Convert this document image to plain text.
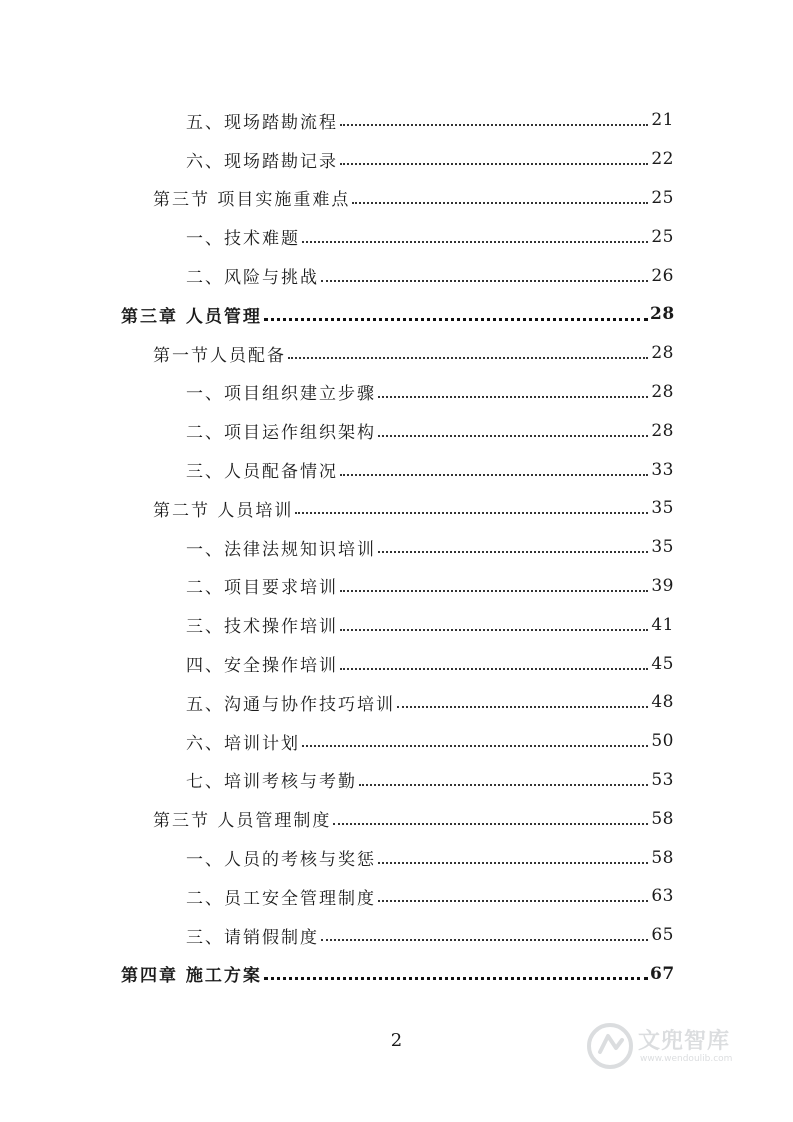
五、现场踏勘流程	21
六、现场踏勘记录	22
第三节 项目实施重难点	25
一、技术难题	25
二、风险与挑战	26
第三章 人员管理	28
第一节人员配备	28
一、项目组织建立步骤	28
二、项目运作组织架构	28
三、人员配备情况	33
第二节 人员培训	35
一、法律法规知识培训	35
二、项目要求培训	39
三、技术操作培训	41
四、安全操作培训	45
五、沟通与协作技巧培训	48
六、培训计划	50
七、培训考核与考勤	53
第三节 人员管理制度	58
一、人员的考核与奖惩	58
二、员工安全管理制度	63
三、请销假制度	65
第四章 施工方案	67
2	文兜智库
www.wendoulib.com
